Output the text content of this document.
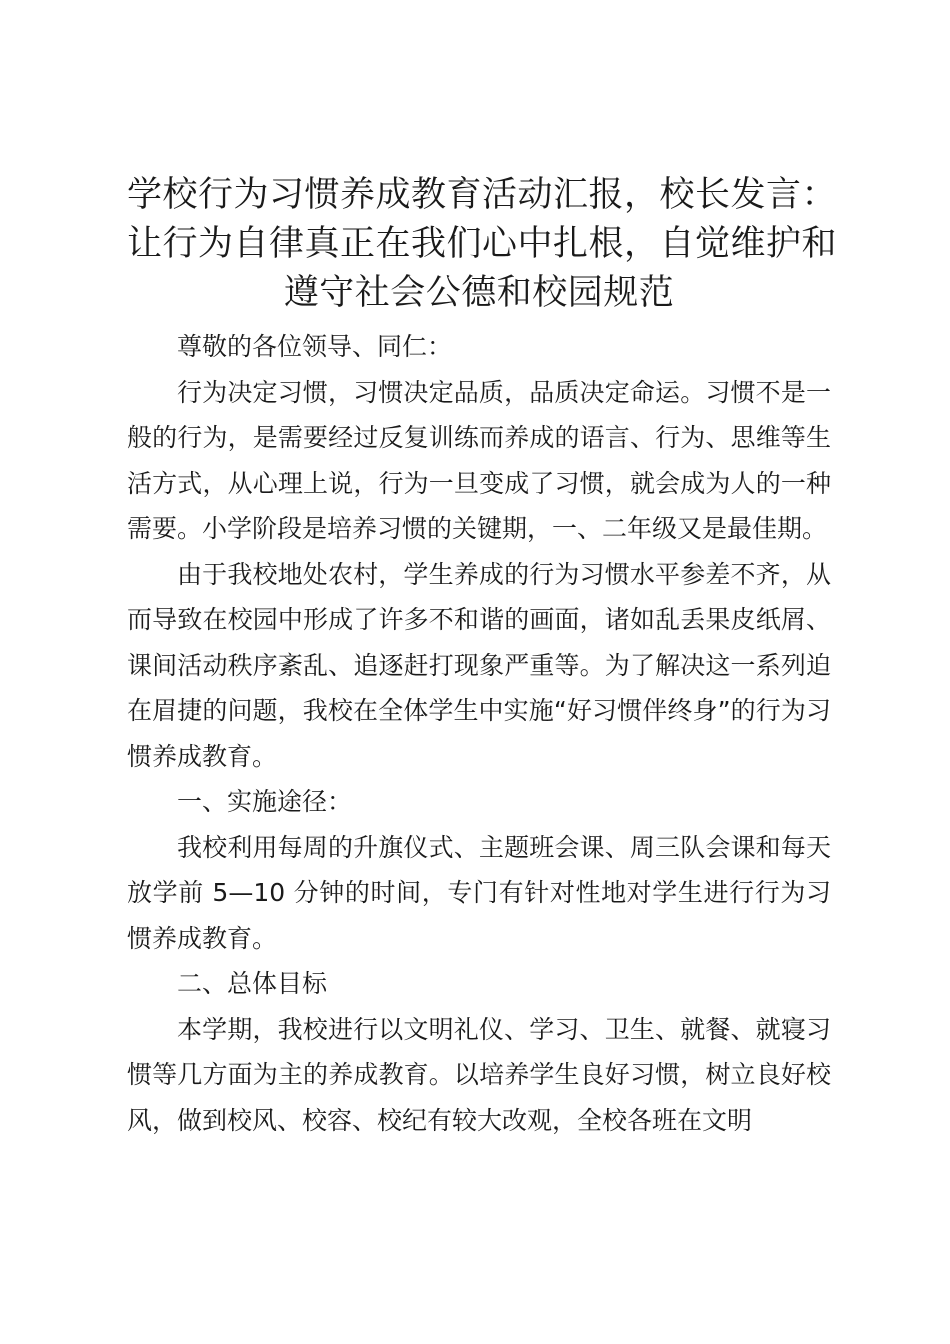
学校行为习惯养成教育活动汇报，校长发言：
让行为自律真正在我们心中扎根，自觉维护和
遵守社会公德和校园规范

尊敬的各位领导、同仁：

行为决定习惯，习惯决定品质，品质决定命运。习惯不是一般的行为，是需要经过反复训练而养成的语言、行为、思维等生活方式，从心理上说，行为一旦变成了习惯，就会成为人的一种需要。小学阶段是培养习惯的关键期，一、二年级又是最佳期。

由于我校地处农村，学生养成的行为习惯水平参差不齐，从而导致在校园中形成了许多不和谐的画面，诸如乱丢果皮纸屑、课间活动秩序紊乱、追逐赶打现象严重等。为了解决这一系列迫在眉捷的问题，我校在全体学生中实施“好习惯伴终身”的行为习惯养成教育。

一、实施途径：

我校利用每周的升旗仪式、主题班会课、周三队会课和每天放学前 5—10 分钟的时间，专门有针对性地对学生进行行为习惯养成教育。

二、总体目标

本学期，我校进行以文明礼仪、学习、卫生、就餐、就寝习惯等几方面为主的养成教育。以培养学生良好习惯，树立良好校风，做到校风、校容、校纪有较大改观，全校各班在文明
